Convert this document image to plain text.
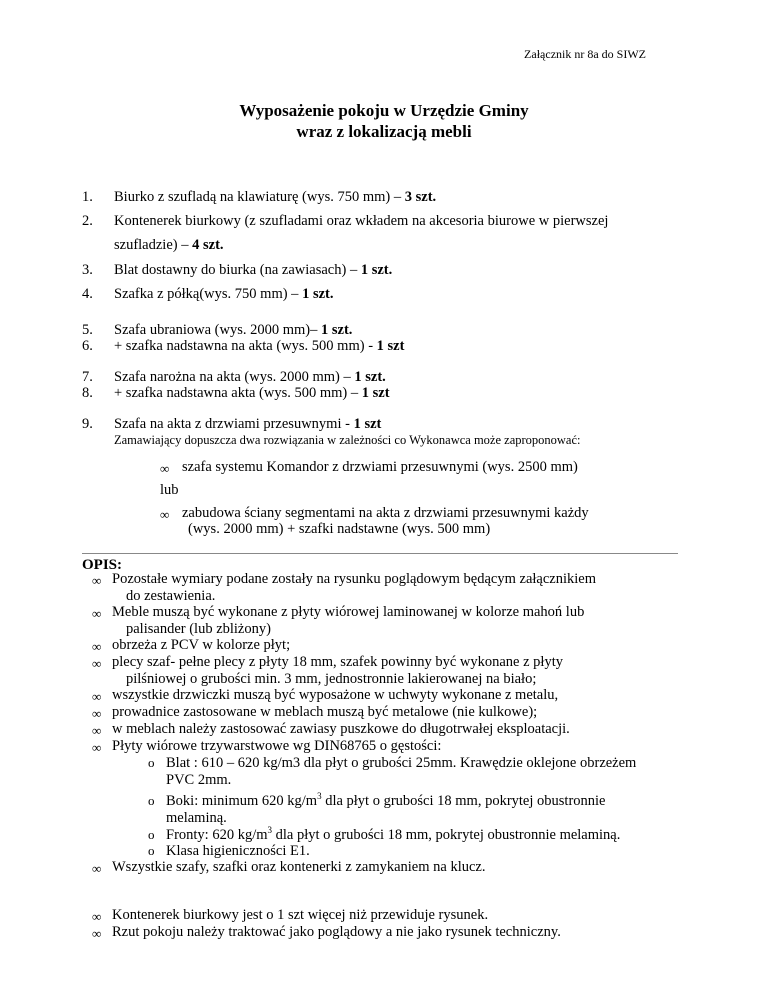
Załącznik nr 8a do SIWZ
Wyposażenie pokoju w Urzędzie Gminy
wraz z lokalizacją mebli
1. Biurko z szufladą na klawiaturę (wys. 750 mm) – 3 szt.
2. Kontenerek biurkowy (z szufladami oraz wkładem na akcesoria biurowe w pierwszej
szufladzie) – 4 szt.
3. Blat dostawny do biurka (na zawiasach) – 1 szt.
4. Szafka z półką(wys. 750 mm) – 1 szt.
5. Szafa ubraniowa (wys. 2000 mm)– 1 szt.
6. + szafka nadstawna na akta (wys. 500 mm) - 1 szt
7. Szafa narożna na akta (wys. 2000 mm) – 1 szt.
8. + szafka nadstawna akta (wys. 500 mm) – 1 szt
9. Szafa na akta z drzwiami przesuwnymi - 1 szt
Zamawiający dopuszcza dwa rozwiązania w zależności co Wykonawca może zaproponować:
∞ szafa systemu Komandor z drzwiami przesuwnymi (wys. 2500 mm)
lub
∞ zabudowa ściany segmentami na akta z drzwiami przesuwnymi każdy
(wys. 2000 mm) + szafki nadstawne (wys. 500 mm)
OPIS:
∞ Pozostałe wymiary podane zostały na rysunku poglądowym będącym załącznikiem
do zestawienia.
∞ Meble muszą być wykonane z płyty wiórowej laminowanej w kolorze mahoń lub
palisander (lub zbliżony)
∞ obrzeża z PCV w kolorze płyt;
∞ plecy szaf- pełne plecy z płyty 18 mm, szafek powinny być wykonane z płyty
pilśniowej o grubości min. 3 mm, jednostronnie lakierowanej na biało;
∞ wszystkie drzwiczki muszą być wyposażone w uchwyty wykonane z metalu,
∞ prowadnice zastosowane w meblach muszą być metalowe (nie kulkowe);
∞ w meblach należy zastosować zawiasy puszkowe do długotrwałej eksploatacji.
∞ Płyty wiórowe trzywarstwowe wg DIN68765 o gęstości:
o Blat : 610 – 620 kg/m3 dla płyt o grubości 25mm. Krawędzie oklejone obrzeżem
PVC 2mm.
o Boki: minimum 620 $kg/m^3$ dla płyt o grubości 18 mm, pokrytej obustronnie
melaminą.
o Fronty: 620 $kg/m^3$ dla płyt o grubości 18 mm, pokrytej obustronnie melaminą.
o Klasa higieniczności E1.
∞ Wszystkie szafy, szafki oraz kontenerki z zamykaniem na klucz.
∞ Kontenerek biurkowy jest o 1 szt więcej niż przewiduje rysunek.
∞ Rzut pokoju należy traktować jako poglądowy a nie jako rysunek techniczny.
